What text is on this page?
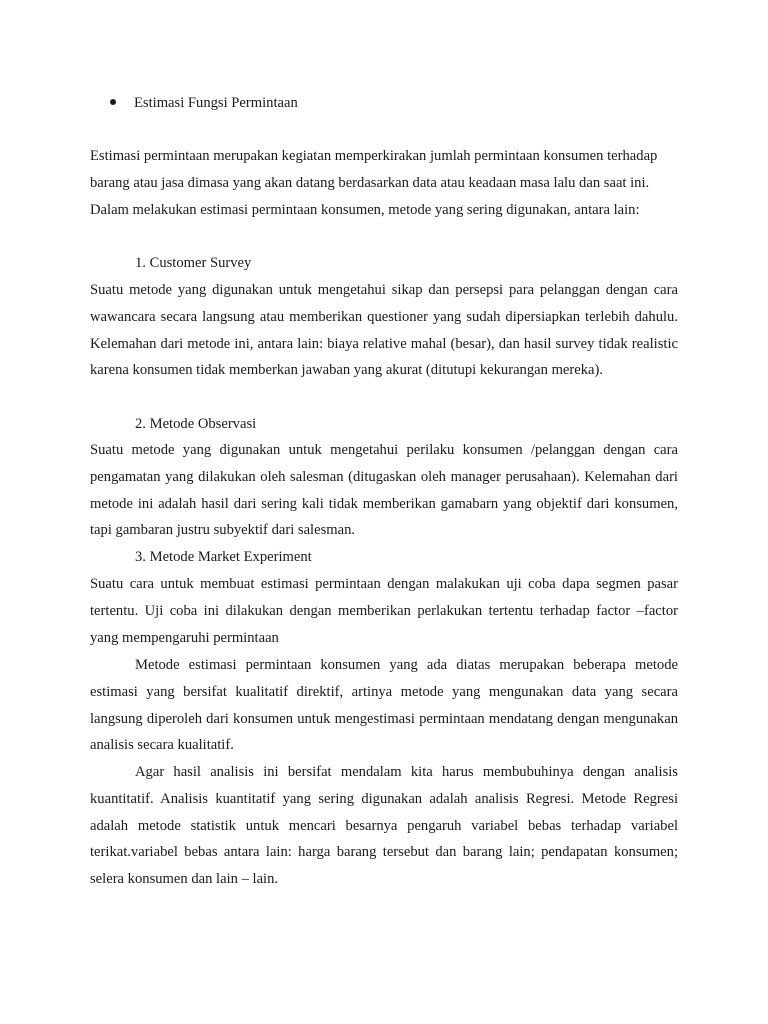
Estimasi Fungsi Permintaan
Estimasi permintaan merupakan kegiatan memperkirakan jumlah permintaan konsumen terhadap
barang atau jasa dimasa yang akan datang berdasarkan data atau keadaan masa lalu dan saat ini.
Dalam melakukan estimasi permintaan konsumen, metode yang sering digunakan, antara lain:
1. Customer Survey
Suatu metode yang digunakan untuk mengetahui sikap dan persepsi para pelanggan dengan cara wawancara secara langsung atau memberikan questioner yang sudah dipersiapkan terlebih dahulu. Kelemahan dari metode ini, antara lain: biaya relative mahal (besar), dan hasil survey tidak realistic karena konsumen tidak memberkan jawaban yang akurat (ditutupi kekurangan mereka).
2. Metode Observasi
Suatu metode yang digunakan untuk mengetahui perilaku konsumen /pelanggan dengan cara pengamatan yang dilakukan oleh salesman (ditugaskan oleh manager perusahaan). Kelemahan dari metode ini adalah hasil dari sering kali tidak memberikan gamabarn yang objektif dari konsumen, tapi gambaran justru subyektif dari salesman.
3. Metode Market Experiment
Suatu cara untuk membuat estimasi permintaan dengan malakukan uji coba dapa segmen pasar tertentu. Uji coba ini dilakukan dengan memberikan perlakukan tertentu terhadap factor –factor yang mempengaruhi permintaan
Metode estimasi permintaan konsumen yang ada diatas merupakan beberapa metode estimasi yang bersifat kualitatif direktif, artinya metode yang mengunakan data yang secara langsung diperoleh dari konsumen untuk mengestimasi permintaan mendatang dengan mengunakan analisis secara kualitatif.
Agar hasil analisis ini bersifat mendalam kita harus membubuhinya dengan analisis kuantitatif. Analisis kuantitatif yang sering digunakan adalah analisis Regresi. Metode Regresi adalah metode statistik untuk mencari besarnya pengaruh variabel bebas terhadap variabel terikat.variabel bebas antara lain: harga barang tersebut dan barang lain; pendapatan konsumen; selera konsumen dan lain – lain.
